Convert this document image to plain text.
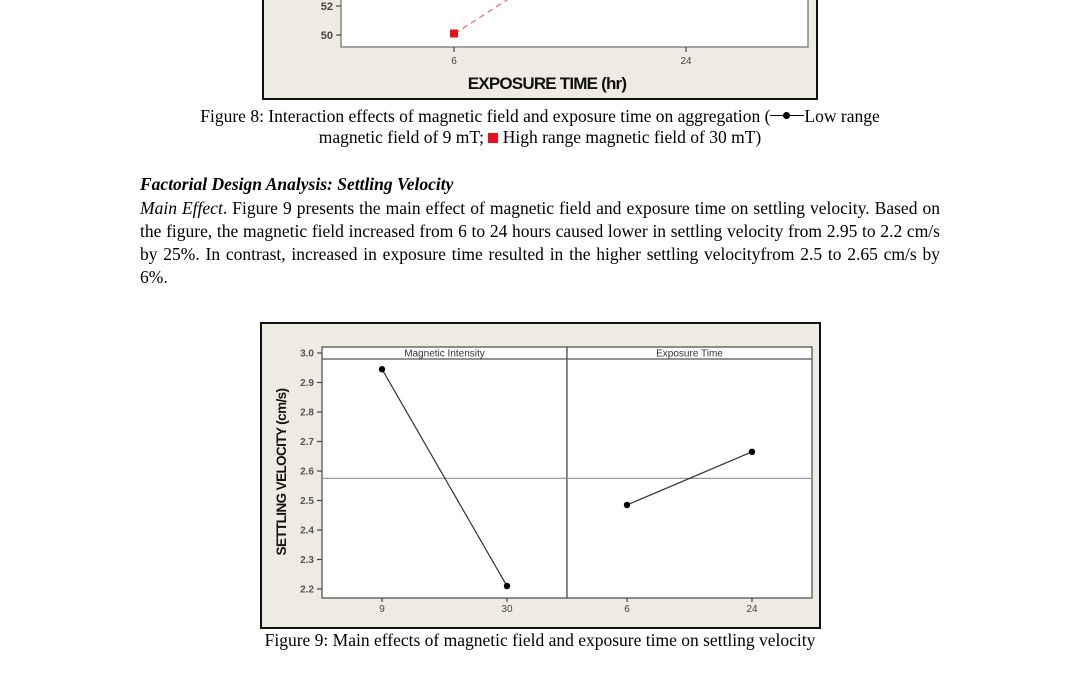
52
50
6	24
EXPOSURE TIME (hr)
Figure 8: Interaction effects of magnetic field and exposure time on aggregation ( Low range
magnetic field of 9 mT; High range magnetic field of 30 mT)
Factorial Design Analysis: Settling Velocity
Main Effect. Figure 9 presents the main effect of magnetic field and exposure time on settling velocity. Based on the figure, the magnetic field increased from 6 to 24 hours caused lower in settling velocity from 2.95 to 2.2 cm/s by 25%. In contrast, increased in exposure time resulted in the higher settling velocityfrom 2.5 to 2.65 cm/s by 6%.
SETTLING VELOCITY (cm/s)
3.0
2.9
2.8
2.7
2.6
2.5
2.4
2.3
2.2
Magnetic Intensity
9	30
Exposure Time
6	24
Figure 9: Main effects of magnetic field and exposure time on settling velocity
